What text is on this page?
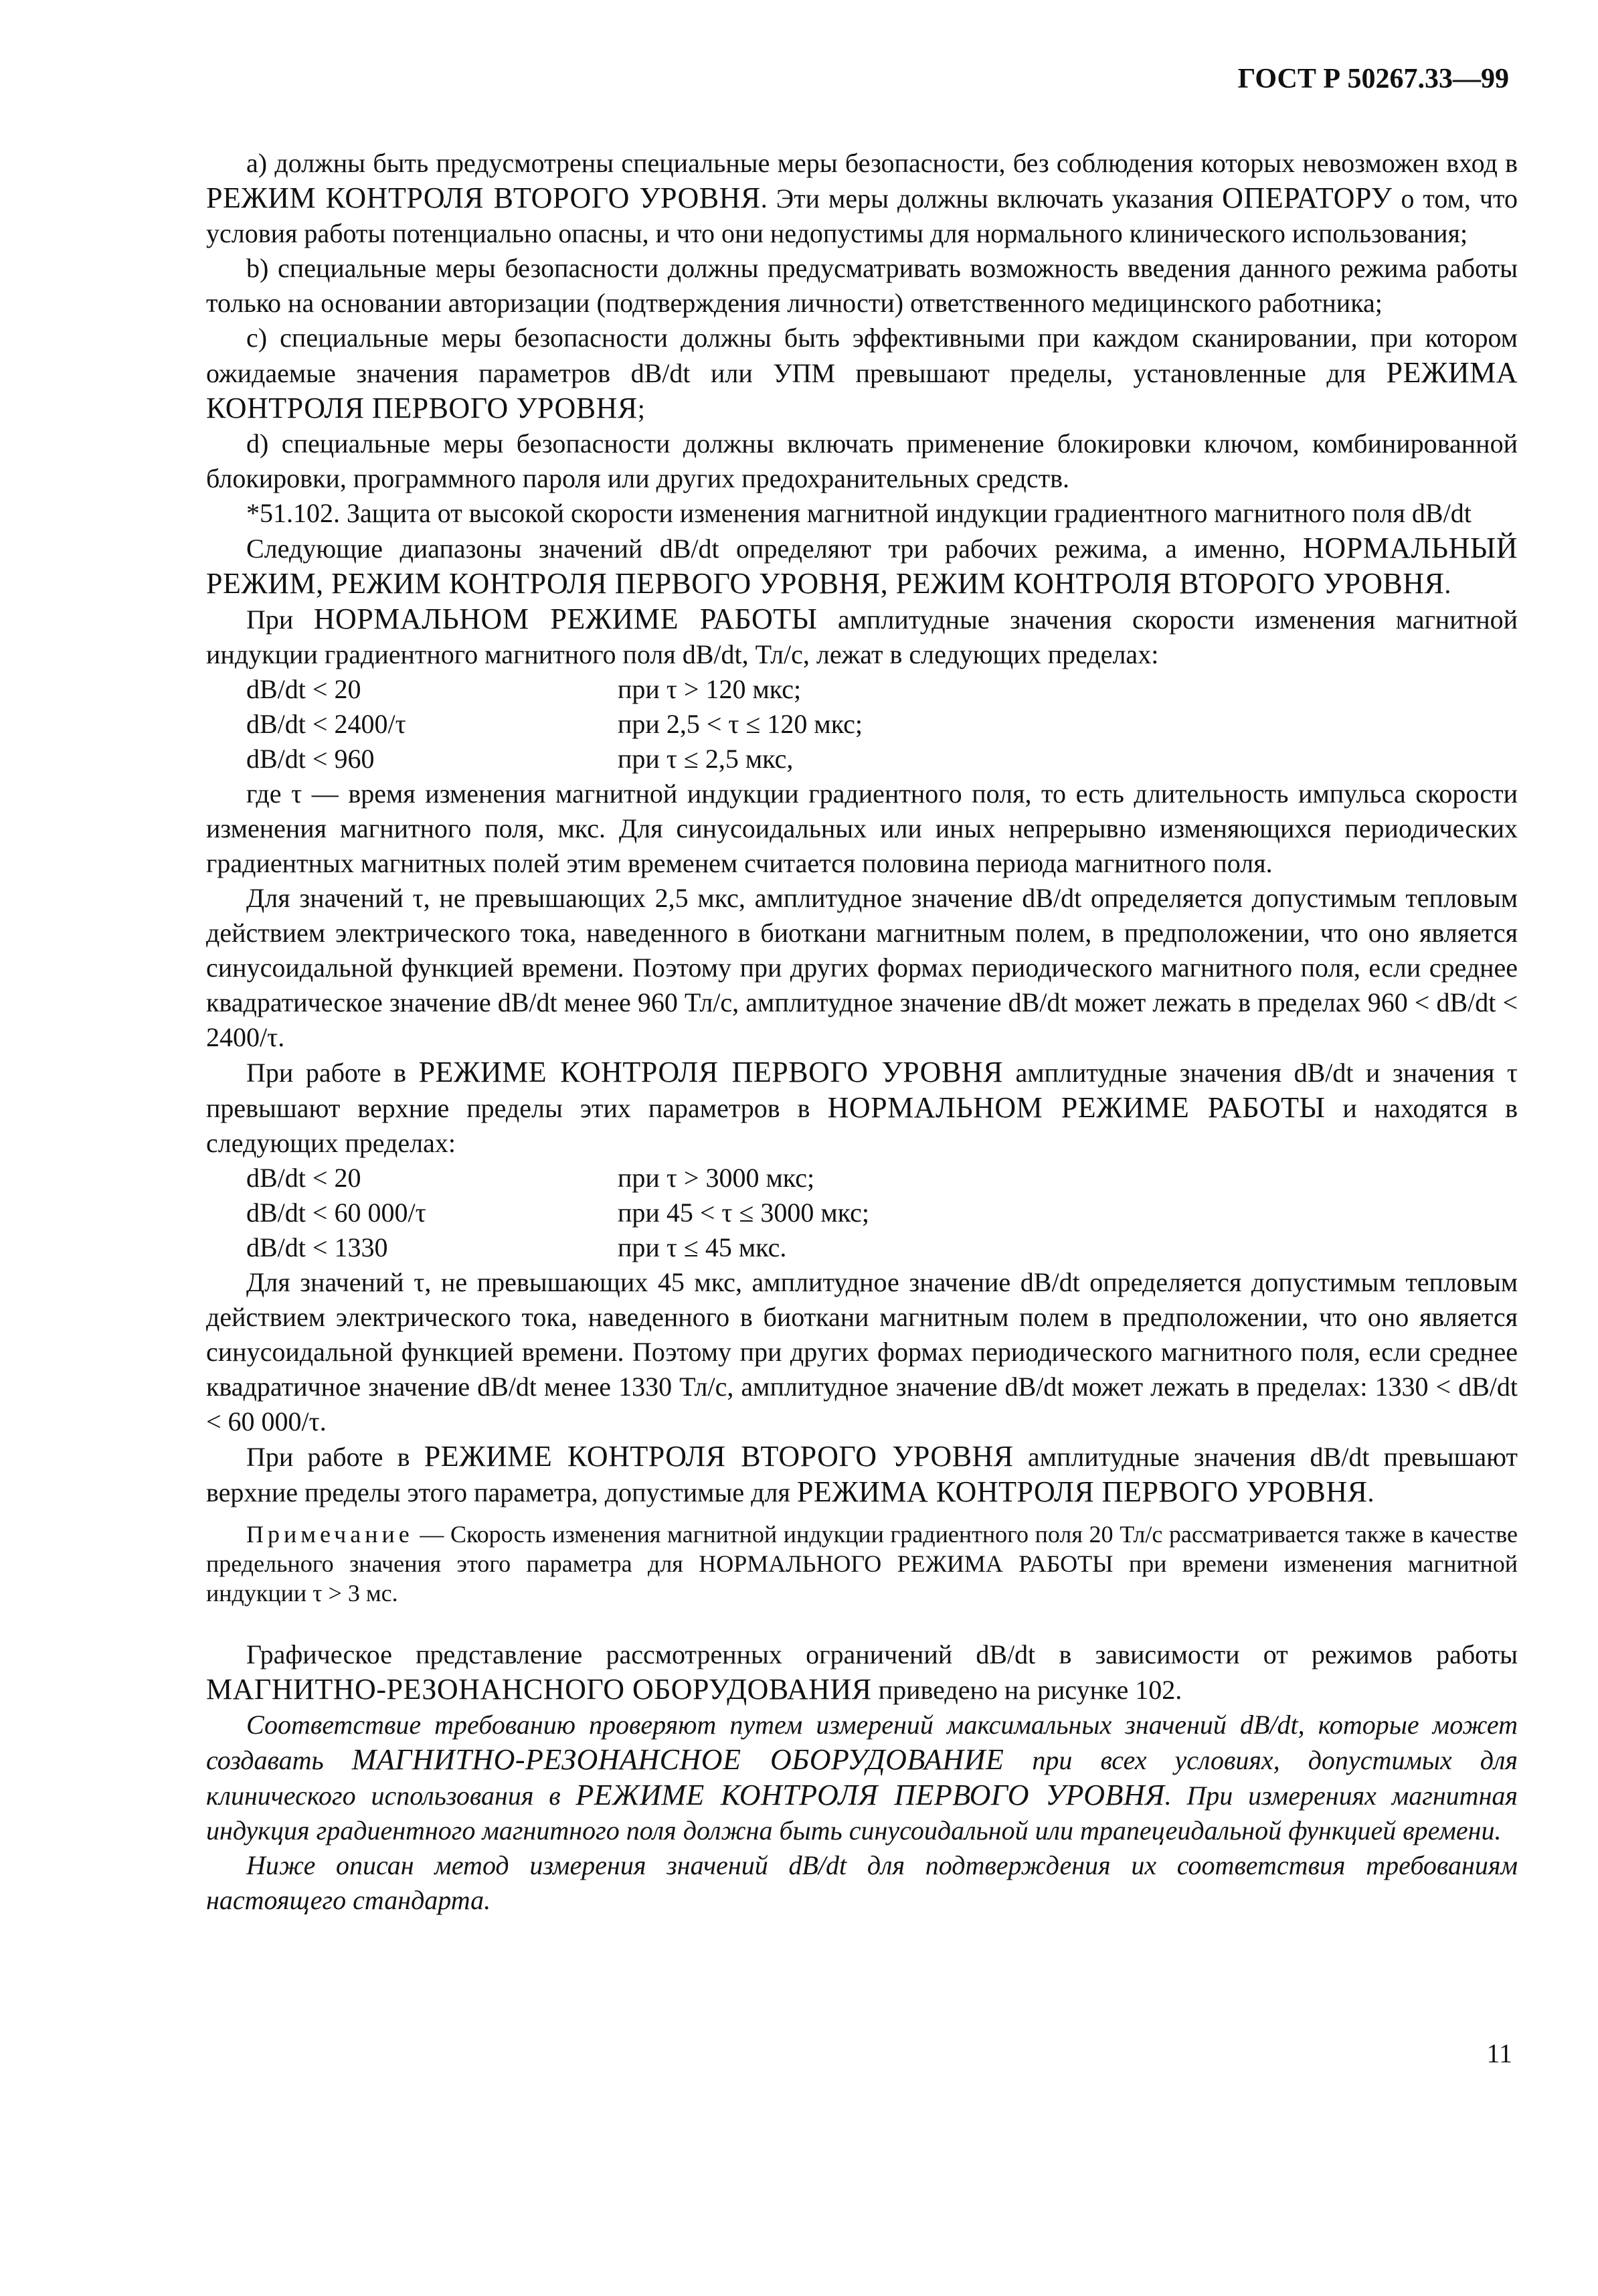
ГОСТ Р 50267.33—99

a) должны быть предусмотрены специальные меры безопасности, без соблюдения которых невозможен вход в РЕЖИМ КОНТРОЛЯ ВТОРОГО УРОВНЯ. Эти меры должны включать указания ОПЕРАТОРУ о том, что условия работы потенциально опасны, и что они недопустимы для нормального клинического использования;

b) специальные меры безопасности должны предусматривать возможность введения данного режима работы только на основании авторизации (подтверждения личности) ответственного медицинского работника;

c) специальные меры безопасности должны быть эффективными при каждом сканировании, при котором ожидаемые значения параметров dB/dt или УПМ превышают пределы, установленные для РЕЖИМА КОНТРОЛЯ ПЕРВОГО УРОВНЯ;

d) специальные меры безопасности должны включать применение блокировки ключом, комбинированной блокировки, программного пароля или других предохранительных средств.

*51.102. Защита от высокой скорости изменения магнитной индукции градиентного магнитного поля dB/dt

Следующие диапазоны значений dB/dt определяют три рабочих режима, а именно, НОРМАЛЬНЫЙ РЕЖИМ, РЕЖИМ КОНТРОЛЯ ПЕРВОГО УРОВНЯ, РЕЖИМ КОНТРОЛЯ ВТОРОГО УРОВНЯ.

При НОРМАЛЬНОМ РЕЖИМЕ РАБОТЫ амплитудные значения скорости изменения магнитной индукции градиентного магнитного поля dB/dt, Тл/с, лежат в следующих пределах:

dB/dt < 20	при τ > 120 мкс;
dB/dt < 2400/τ	при 2,5 < τ ≤ 120 мкс;
dB/dt < 960	при τ ≤ 2,5 мкс,

где τ — время изменения магнитной индукции градиентного поля, то есть длительность импульса скорости изменения магнитного поля, мкс. Для синусоидальных или иных непрерывно изменяющихся периодических градиентных магнитных полей этим временем считается половина периода магнитного поля.

Для значений τ, не превышающих 2,5 мкс, амплитудное значение dB/dt определяется допустимым тепловым действием электрического тока, наведенного в биоткани магнитным полем, в предположении, что оно является синусоидальной функцией времени. Поэтому при других формах периодического магнитного поля, если среднее квадратическое значение dB/dt менее 960 Тл/с, амплитудное значение dB/dt может лежать в пределах 960 < dB/dt < 2400/τ.

При работе в РЕЖИМЕ КОНТРОЛЯ ПЕРВОГО УРОВНЯ амплитудные значения dB/dt и значения τ превышают верхние пределы этих параметров в НОРМАЛЬНОМ РЕЖИМЕ РАБОТЫ и находятся в следующих пределах:

dB/dt < 20	при τ > 3000 мкс;
dB/dt < 60 000/τ	при 45 < τ ≤ 3000 мкс;
dB/dt < 1330	при τ ≤ 45 мкс.

Для значений τ, не превышающих 45 мкс, амплитудное значение dB/dt определяется допустимым тепловым действием электрического тока, наведенного в биоткани магнитным полем в предположении, что оно является синусоидальной функцией времени. Поэтому при других формах периодического магнитного поля, если среднее квадратичное значение dB/dt менее 1330 Тл/с, амплитудное значение dB/dt может лежать в пределах: 1330 < dB/dt < 60 000/τ.

При работе в РЕЖИМЕ КОНТРОЛЯ ВТОРОГО УРОВНЯ амплитудные значения dB/dt превышают верхние пределы этого параметра, допустимые для РЕЖИМА КОНТРОЛЯ ПЕРВОГО УРОВНЯ.

Примечание — Скорость изменения магнитной индукции градиентного поля 20 Тл/с рассматривается также в качестве предельного значения этого параметра для НОРМАЛЬНОГО РЕЖИМА РАБОТЫ при времени изменения магнитной индукции τ > 3 мс.

Графическое представление рассмотренных ограничений dB/dt в зависимости от режимов работы МАГНИТНО-РЕЗОНАНСНОГО ОБОРУДОВАНИЯ приведено на рисунке 102.

Соответствие требованию проверяют путем измерений максимальных значений dB/dt, которые может создавать МАГНИТНО-РЕЗОНАНСНОЕ ОБОРУДОВАНИЕ при всех условиях, допустимых для клинического использования в РЕЖИМЕ КОНТРОЛЯ ПЕРВОГО УРОВНЯ. При измерениях магнитная индукция градиентного магнитного поля должна быть синусоидальной или трапецеидальной функцией времени.

Ниже описан метод измерения значений dB/dt для подтверждения их соответствия требованиям настоящего стандарта.

11
